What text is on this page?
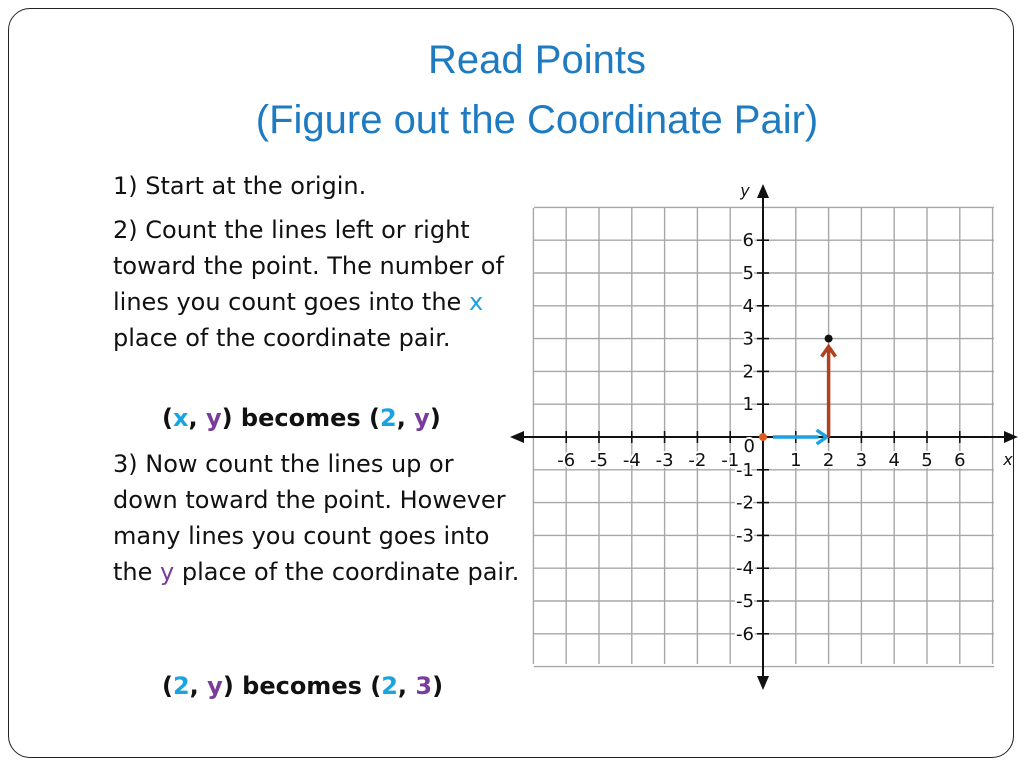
Read Points
(Figure out the Coordinate Pair)

1) Start at the origin.

2) Count the lines left or right toward the point. The number of lines you count goes into the x place of the coordinate pair.

(x, y) becomes (2, y)

3) Now count the lines up or down toward the point. However many lines you count goes into the y place of the coordinate pair.

(2, y) becomes (2, 3)
-6 -5 -4 -3 -2 -1	1 2 3 4 5 6
6
5
4
3
2
1
-1
-2
-3
-4
-5
-6
0
x
y
